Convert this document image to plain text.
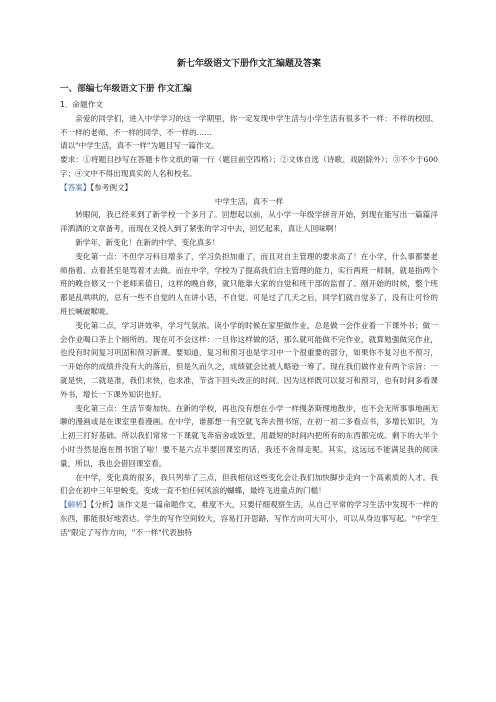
新七年级语文下册作文汇编题及答案

一、部编七年级语文下册 作文汇编

1．命题作文

亲爱的同学们，进入中学学习的这一学期里，你一定发现中学生活与小学生活有很多不一样：不样的校园、不一样的老师、不一样的同学、不一样的……

请以"中学生活，真不一样"为题目写一篇作文。

要求：①将题目抄写在答题卡作文纸的第一行（题目前空四格）；②文体自选（诗歌、戏剧除外）；③不少于600字；④文中不得出现真实的人名和校名。

【答案】【参考例文】

中学生活，真不一样

转眼间，我已经来到了新学校一个多月了。回想起以前，从小学一年级学拼音开始，到现在能写出一篇篇洋洋洒洒的文章备考，而现在又投入到了紧张的学习中去，回忆起来，真让人回味啊！

新学年，新变化！在新的中学，变化真多！

变化第一点：不但学习科目增多了，学习负担加重了，而且对自主管理的要求高了！在小学，什么事都要老师指着、点着甚至是骂着才去做。而在中学，学校为了提高我们自主管理的能力，实行两班一师制，就是指两个班的晚自修又一个老师来值日，这样的晚自修，就只能靠大家的自觉和班干部的监督了。刚开始的时候，整个班都是乱哄哄的，总有一些不自觉的人在讲小话，不自觉。可是过了几天之后，同学们就自觉多了，没有让可怜的班长喊破喉咙。

变化第二点，学习讲效率，学习气氛浓。读小学的时候在家里做作业，总是做一会作业看一下课外书；做一会作业喝口茶上个厕所的。现在可不会这样：一旦你这样做的话，那么就可能做不完作业，就算勉强做完作业，也没有时间复习巩固和预习新课。要知道，复习和预习也是学习中一个很重要的部分，如果你不复习也不预习，一开始你的成绩并没有大的落后，但是久而久之，成绩就会比被人略逊一筹了。现在我们做作业有两个宗旨：一就是快，二就是准，我们求快，也求准，节省下回头改正的时间。因为这样既可以复习和预习，也有时间多看课外书，增长一下课外知识也好。

变化第三点：生活节奏加快。在新的学校，再也没有想在小学一样慢条斯理地散步，也不会无所事事地画无聊的漫画或是在课室里看漫画。在中学，谁都想一有空就飞奔去图书馆，在初一初二多看点书，多增长知识，为上初三打好基础。所以我们常常一下课就飞奔宿舍或饭堂，用最短的时间内把所有的东西都完成。剩下的大半个小时当然是泡在图书馆了啦！要不是六点半要回课室的话，我还不舍得走呢。其实，这远远不能满足我的阅读量，所以，我也会借回课室看。

在中学，变化真的很多，我只列举了三点，但我相信这些变化会让我们加快脚步走向一个高素质的人才。我们会在初中三年里蜕变，变成一直不怕任何风浪的蝴蝶，最终飞进童点的门槛！

【解析】【分析】该作文是一篇命题作文，难度不大，只要仔细观察生活，从自己平常的学习生活中发现不一样的东西，都能很好地表达。学生的写作空间较大，容易打开思路，写作方向可大可小，可以从身边事写起。"中学生活"限定了写作方向，"不一样"代表独特
